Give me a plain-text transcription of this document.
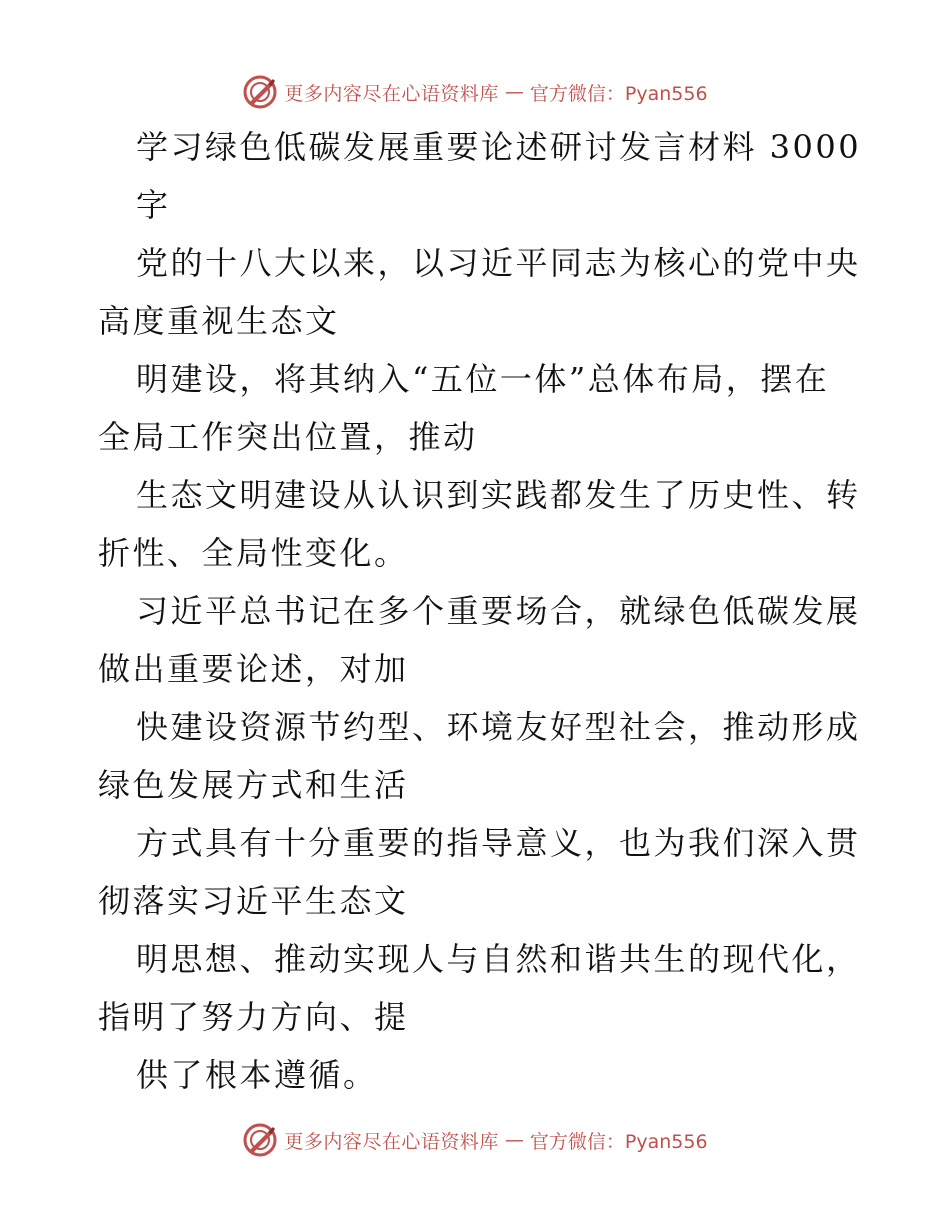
更多内容尽在心语资料库 — 官方微信：Pyan556
学习绿色低碳发展重要论述研讨发言材料 3000
字
党的十八大以来，以习近平同志为核心的党中央
高度重视生态文
明建设，将其纳入“五位一体”总体布局，摆在
全局工作突出位置，推动
生态文明建设从认识到实践都发生了历史性、转
折性、全局性变化。
习近平总书记在多个重要场合，就绿色低碳发展
做出重要论述，对加
快建设资源节约型、环境友好型社会，推动形成
绿色发展方式和生活
方式具有十分重要的指导意义，也为我们深入贯
彻落实习近平生态文
明思想、推动实现人与自然和谐共生的现代化，
指明了努力方向、提
供了根本遵循。
更多内容尽在心语资料库 — 官方微信：Pyan556
